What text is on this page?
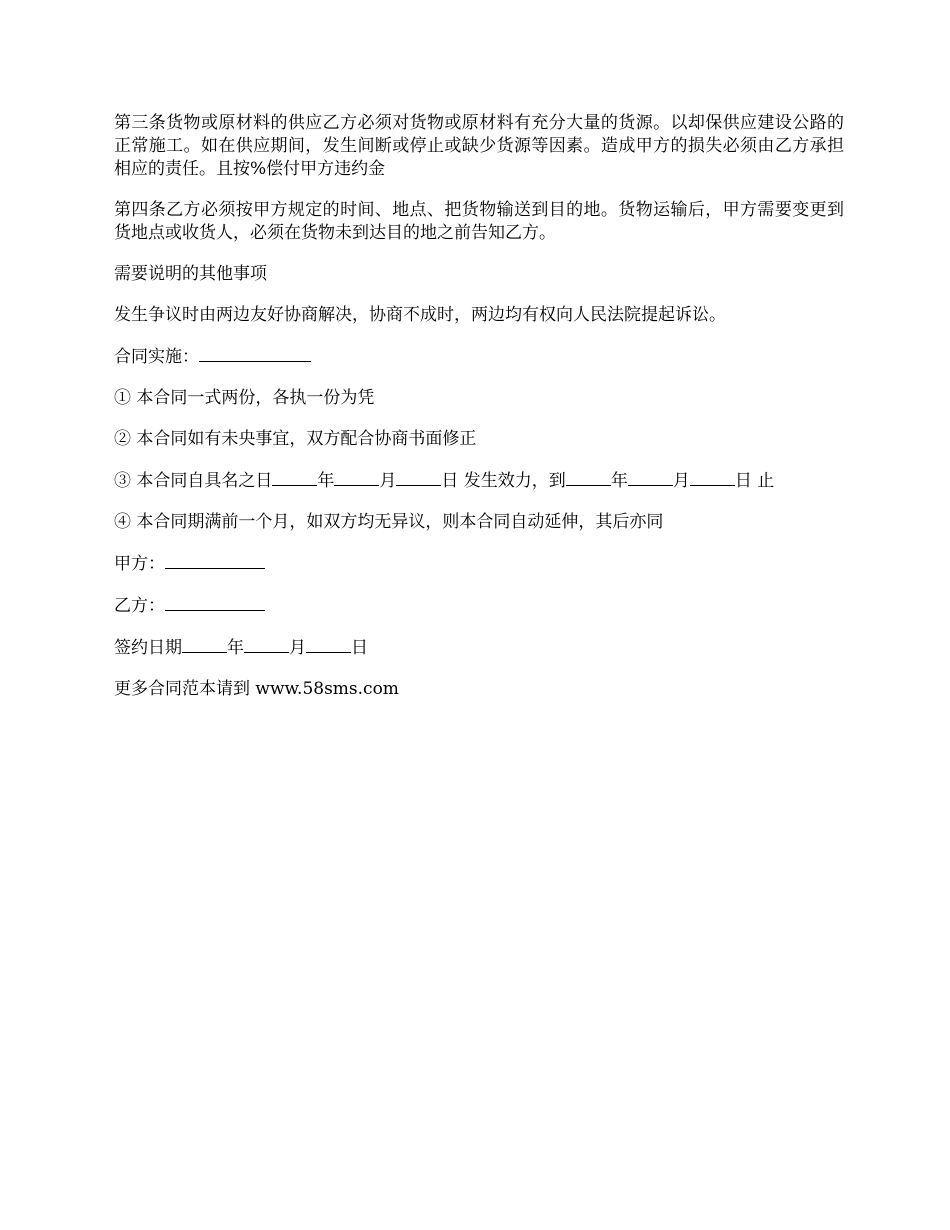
第三条货物或原材料的供应乙方必须对货物或原材料有充分大量的货源。以却保供应建设公路的正常施工。如在供应期间，发生间断或停止或缺少货源等因素。造成甲方的损失必须由乙方承担相应的责任。且按%偿付甲方违约金

第四条乙方必须按甲方规定的时间、地点、把货物输送到目的地。货物运输后，甲方需要变更到货地点或收货人，必须在货物未到达目的地之前告知乙方。

需要说明的其他事项

发生争议时由两边友好协商解决，协商不成时，两边均有权向人民法院提起诉讼。

合同实施：

① 本合同一式两份，各执一份为凭

② 本合同如有未央事宜，双方配合协商书面修正

③ 本合同自具名之日	年	月	日 发生效力，到	年	月	日 止

④ 本合同期满前一个月，如双方均无异议，则本合同自动延伸，其后亦同

甲方：

乙方：

签约日期	年	月	日

更多合同范本请到 www.58sms.com
